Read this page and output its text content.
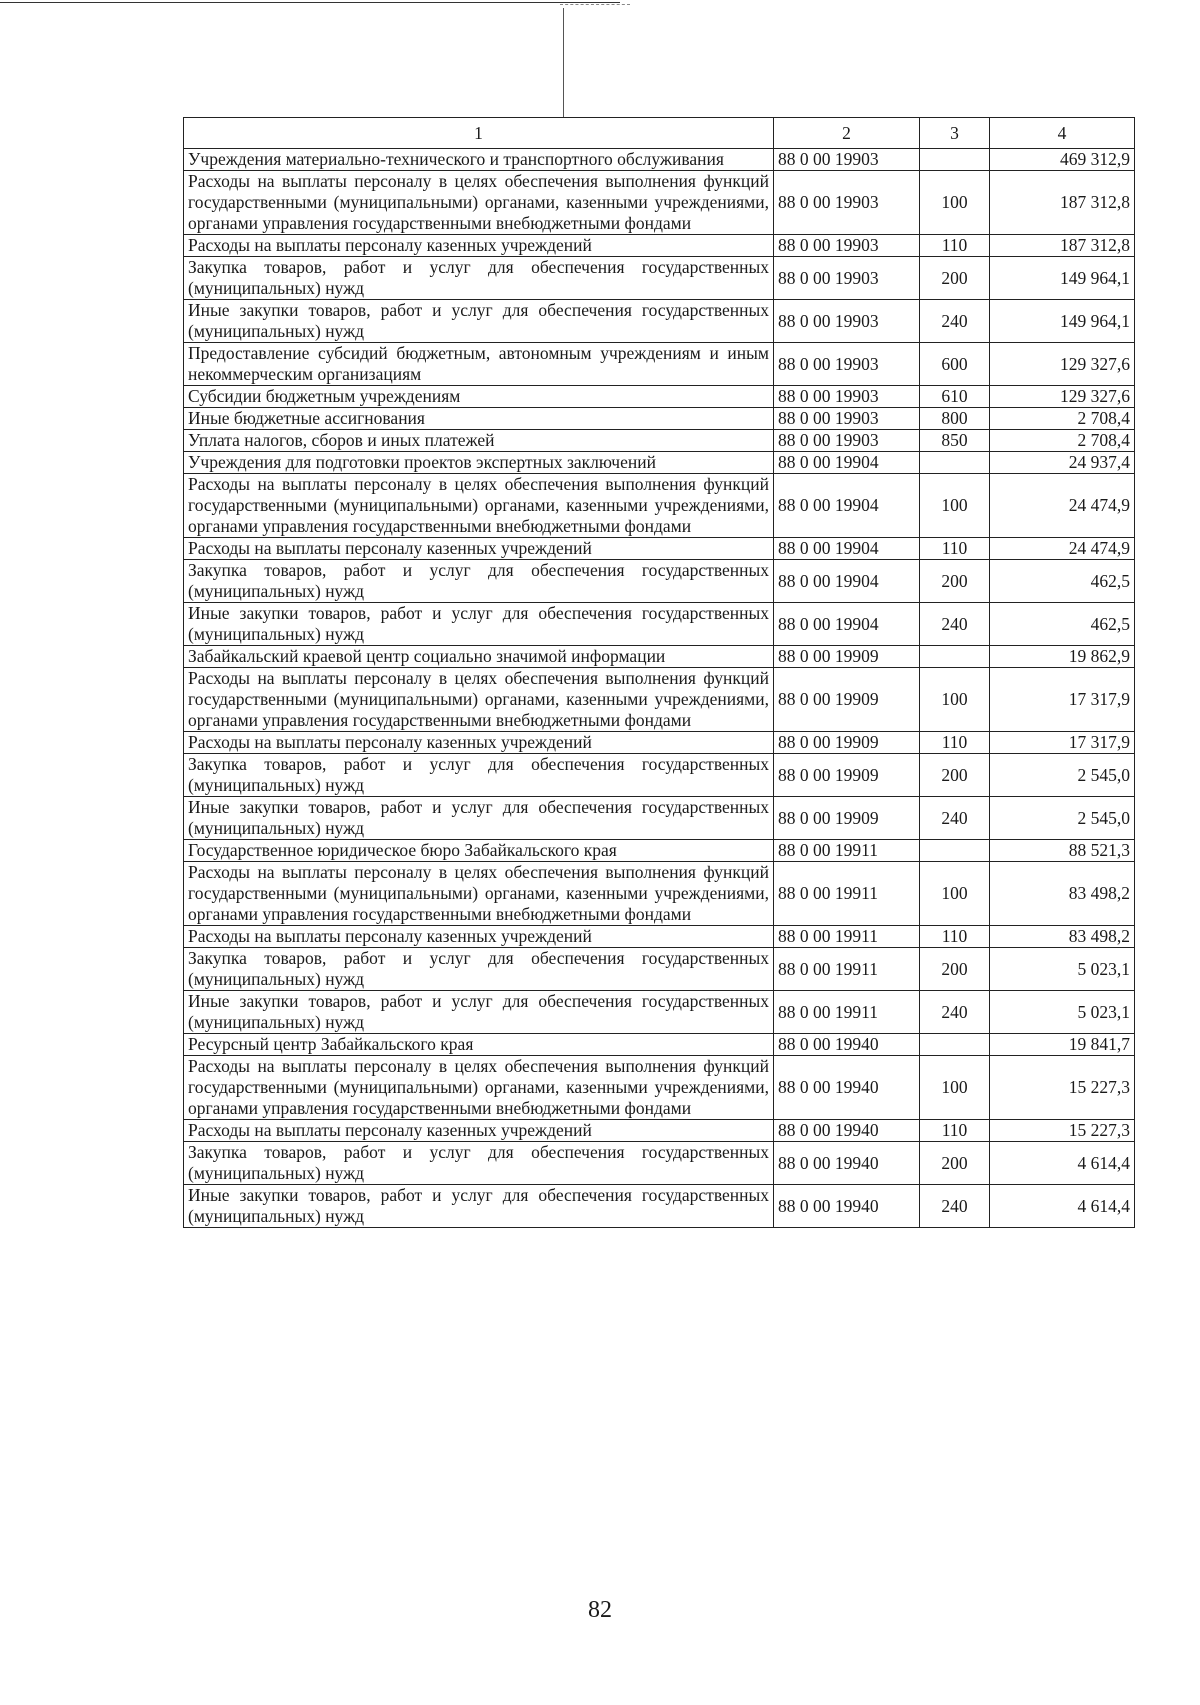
1	2	3	4
Учреждения материально-технического и транспортного обслуживания	88 0 00 19903		469 312,9
Расходы на выплаты персоналу в целях обеспечения выполнения функций государственными (муниципальными) органами, казенными учреждениями, органами управления государственными внебюджетными фондами	88 0 00 19903	100	187 312,8
Расходы на выплаты персоналу казенных учреждений	88 0 00 19903	110	187 312,8
Закупка товаров, работ и услуг для обеспечения государственных (муниципальных) нужд	88 0 00 19903	200	149 964,1
Иные закупки товаров, работ и услуг для обеспечения государственных (муниципальных) нужд	88 0 00 19903	240	149 964,1
Предоставление субсидий бюджетным, автономным учреждениям и иным некоммерческим организациям	88 0 00 19903	600	129 327,6
Субсидии бюджетным учреждениям	88 0 00 19903	610	129 327,6
Иные бюджетные ассигнования	88 0 00 19903	800	2 708,4
Уплата налогов, сборов и иных платежей	88 0 00 19903	850	2 708,4
Учреждения для подготовки проектов экспертных заключений	88 0 00 19904		24 937,4
Расходы на выплаты персоналу в целях обеспечения выполнения функций государственными (муниципальными) органами, казенными учреждениями, органами управления государственными внебюджетными фондами	88 0 00 19904	100	24 474,9
Расходы на выплаты персоналу казенных учреждений	88 0 00 19904	110	24 474,9
Закупка товаров, работ и услуг для обеспечения государственных (муниципальных) нужд	88 0 00 19904	200	462,5
Иные закупки товаров, работ и услуг для обеспечения государственных (муниципальных) нужд	88 0 00 19904	240	462,5
Забайкальский краевой центр социально значимой информации	88 0 00 19909		19 862,9
Расходы на выплаты персоналу в целях обеспечения выполнения функций государственными (муниципальными) органами, казенными учреждениями, органами управления государственными внебюджетными фондами	88 0 00 19909	100	17 317,9
Расходы на выплаты персоналу казенных учреждений	88 0 00 19909	110	17 317,9
Закупка товаров, работ и услуг для обеспечения государственных (муниципальных) нужд	88 0 00 19909	200	2 545,0
Иные закупки товаров, работ и услуг для обеспечения государственных (муниципальных) нужд	88 0 00 19909	240	2 545,0
Государственное юридическое бюро Забайкальского края	88 0 00 19911		88 521,3
Расходы на выплаты персоналу в целях обеспечения выполнения функций государственными (муниципальными) органами, казенными учреждениями, органами управления государственными внебюджетными фондами	88 0 00 19911	100	83 498,2
Расходы на выплаты персоналу казенных учреждений	88 0 00 19911	110	83 498,2
Закупка товаров, работ и услуг для обеспечения государственных (муниципальных) нужд	88 0 00 19911	200	5 023,1
Иные закупки товаров, работ и услуг для обеспечения государственных (муниципальных) нужд	88 0 00 19911	240	5 023,1
Ресурсный центр Забайкальского края	88 0 00 19940		19 841,7
Расходы на выплаты персоналу в целях обеспечения выполнения функций государственными (муниципальными) органами, казенными учреждениями, органами управления государственными внебюджетными фондами	88 0 00 19940	100	15 227,3
Расходы на выплаты персоналу казенных учреждений	88 0 00 19940	110	15 227,3
Закупка товаров, работ и услуг для обеспечения государственных (муниципальных) нужд	88 0 00 19940	200	4 614,4
Иные закупки товаров, работ и услуг для обеспечения государственных (муниципальных) нужд	88 0 00 19940	240	4 614,4
82
